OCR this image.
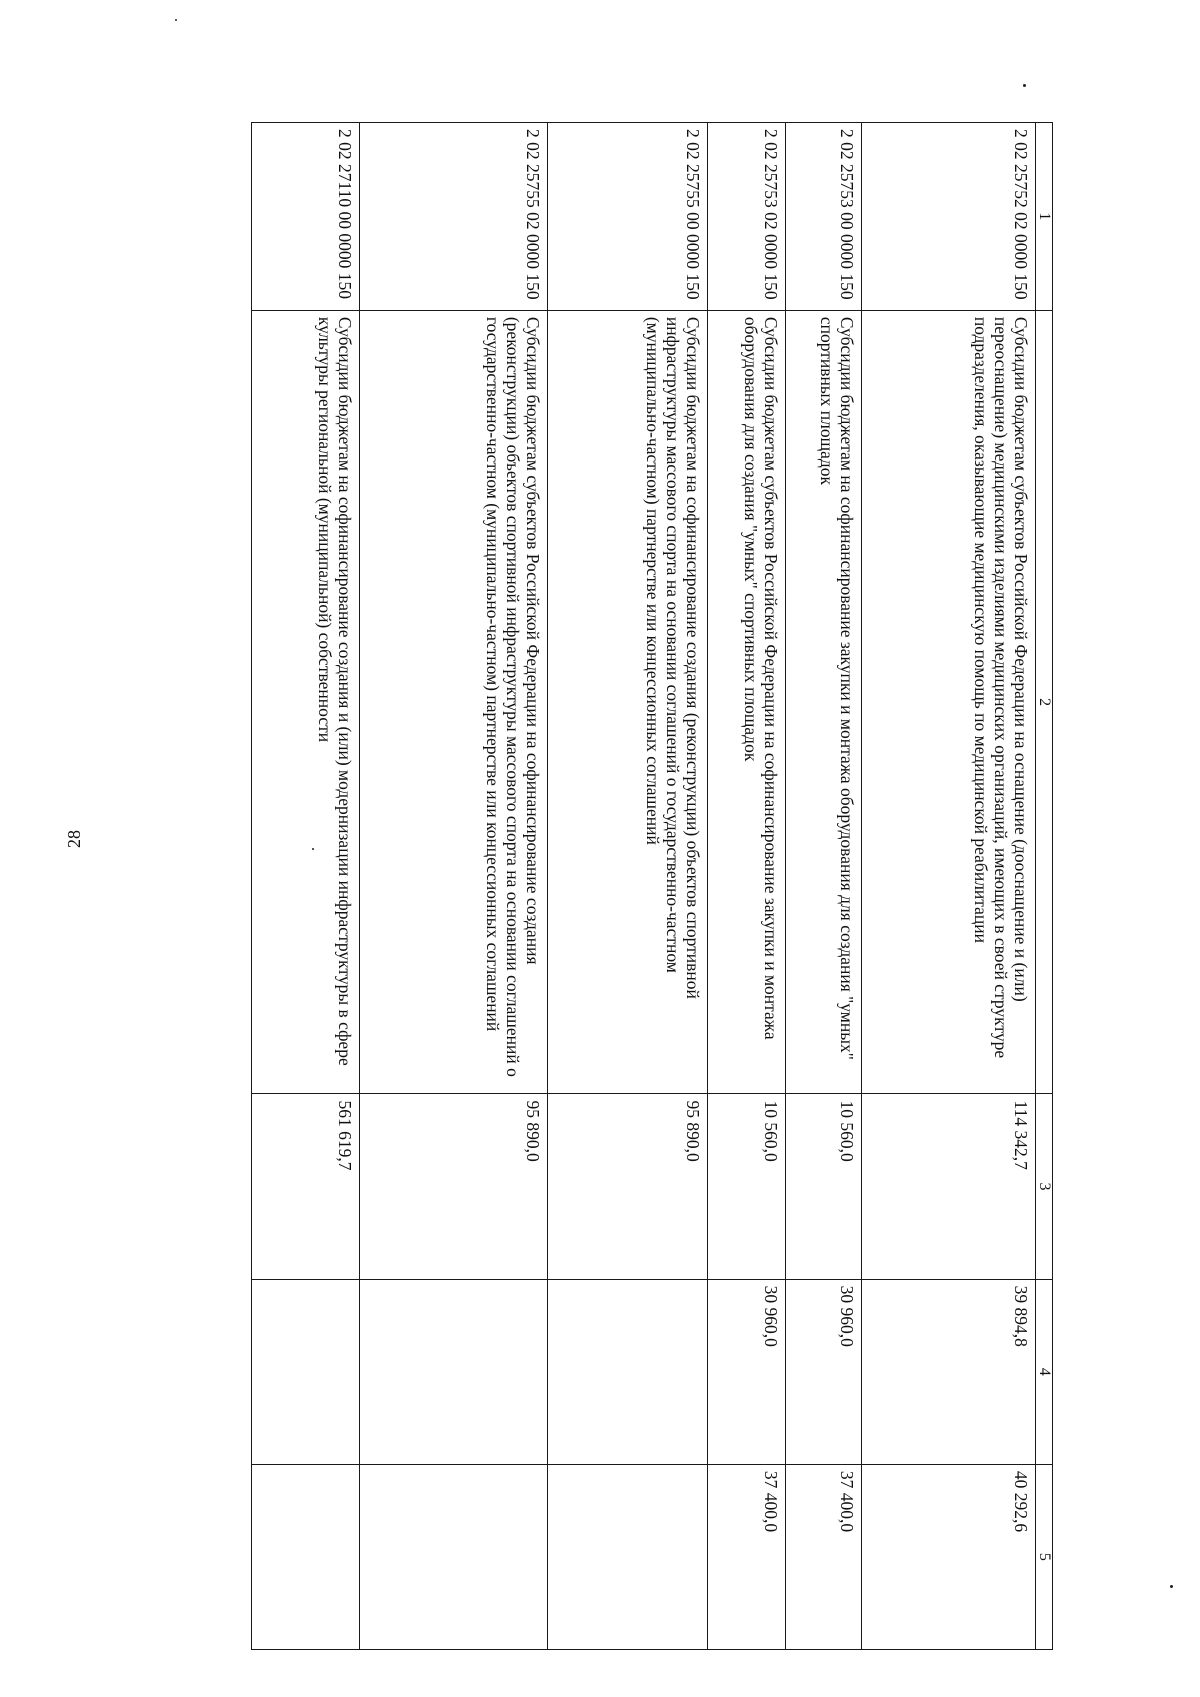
28
1	2	3	4	5
2 02 25752 02 0000 150	Субсидии бюджетам субъектов Российской Федерации на оснащение (дооснащение и (или) переоснащение) медицинскими изделиями медицинских организаций, имеющих в своей структуре подразделения, оказывающие медицинскую помощь по медицинской реабилитации	114 342,7	39 894,8	40 292,6
2 02 25753 00 0000 150	Субсидии бюджетам на софинансирование закупки и монтажа оборудования для создания "умных" спортивных площадок	10 560,0	30 960,0	37 400,0
2 02 25753 02 0000 150	Субсидии бюджетам субъектов Российской Федерации на софинансирование закупки и монтажа оборудования для создания "умных" спортивных площадок	10 560,0	30 960,0	37 400,0
2 02 25755 00 0000 150	Субсидии бюджетам на софинансирование создания (реконструкции) объектов спортивной инфраструктуры массового спорта на основании соглашений о государственно-частном (муниципально-частном) партнерстве или концессионных соглашений	95 890,0		
2 02 25755 02 0000 150	Субсидии бюджетам субъектов Российской Федерации на софинансирование создания (реконструкции) объектов спортивной инфраструктуры массового спорта на основании соглашений о государственно-частном (муниципально-частном) партнерстве или концессионных соглашений	95 890,0		
2 02 27110 00 0000 150	Субсидии бюджетам на софинансирование создания и (или) модернизации инфраструктуры в сфере культуры региональной (муниципальной) собственности	561 619,7		
